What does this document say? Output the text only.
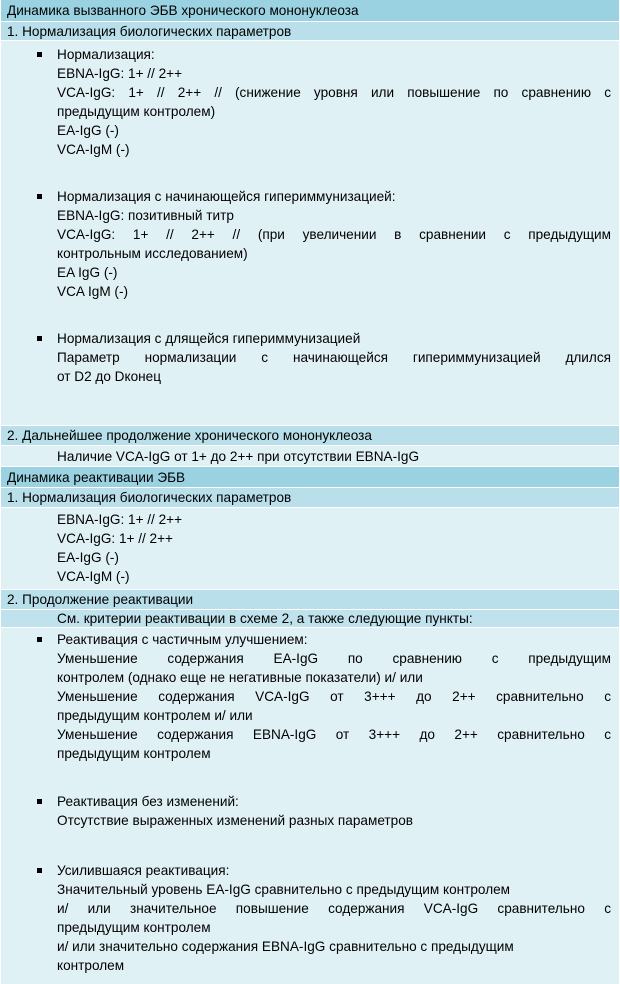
Динамика вызванного ЭБВ хронического мононуклеоза
1. Нормализация биологических параметров
Нормализация:
EBNA-IgG: 1+ // 2++
VCA-IgG: 1+ // 2++ // (снижение уровня или повышение по сравнению с
предыдущим контролем)
EA-IgG (-)
VCA-IgM (-)
Нормализация с начинающейся гипериммунизацией:
EBNA-IgG: позитивный титр
VCA-IgG: 1+ // 2++ // (при увеличении в сравнении с предыдущим
контрольным исследованием)
EA IgG (-)
VCA IgM (-)
Нормализация с длящейся гипериммунизацией
Параметр нормализации с начинающейся гипериммунизацией длился
от D2 до Dконец
2. Дальнейшее продолжение хронического мононуклеоза
Наличие VCA-IgG от 1+ до 2++ при отсутствии EBNA-IgG
Динамика реактивации ЭБВ
1. Нормализация биологических параметров
EBNA-IgG: 1+ // 2++
VCA-IgG: 1+ // 2++
EA-IgG (-)
VCA-IgM (-)
2. Продолжение реактивации
См. критерии реактивации в схеме 2, а также следующие пункты:
Реактивация с частичным улучшением:
Уменьшение содержания EA-IgG по сравнению с предыдущим
контролем (однако еще не негативные показатели) и/ или
Уменьшение содержания VCA-IgG от 3+++ до 2++ сравнительно с
предыдущим контролем и/ или
Уменьшение содержания EBNA-IgG от 3+++ до 2++ сравнительно с
предыдущим контролем
Реактивация без изменений:
Отсутствие выраженных изменений разных параметров
Усилившаяся реактивация:
Значительный уровень EA-IgG сравнительно с предыдущим контролем
и/ или значительное повышение содержания VCA-IgG сравнительно с
предыдущим контролем
и/ или значительно содержания EBNA-IgG сравнительно с предыдущим
контролем
